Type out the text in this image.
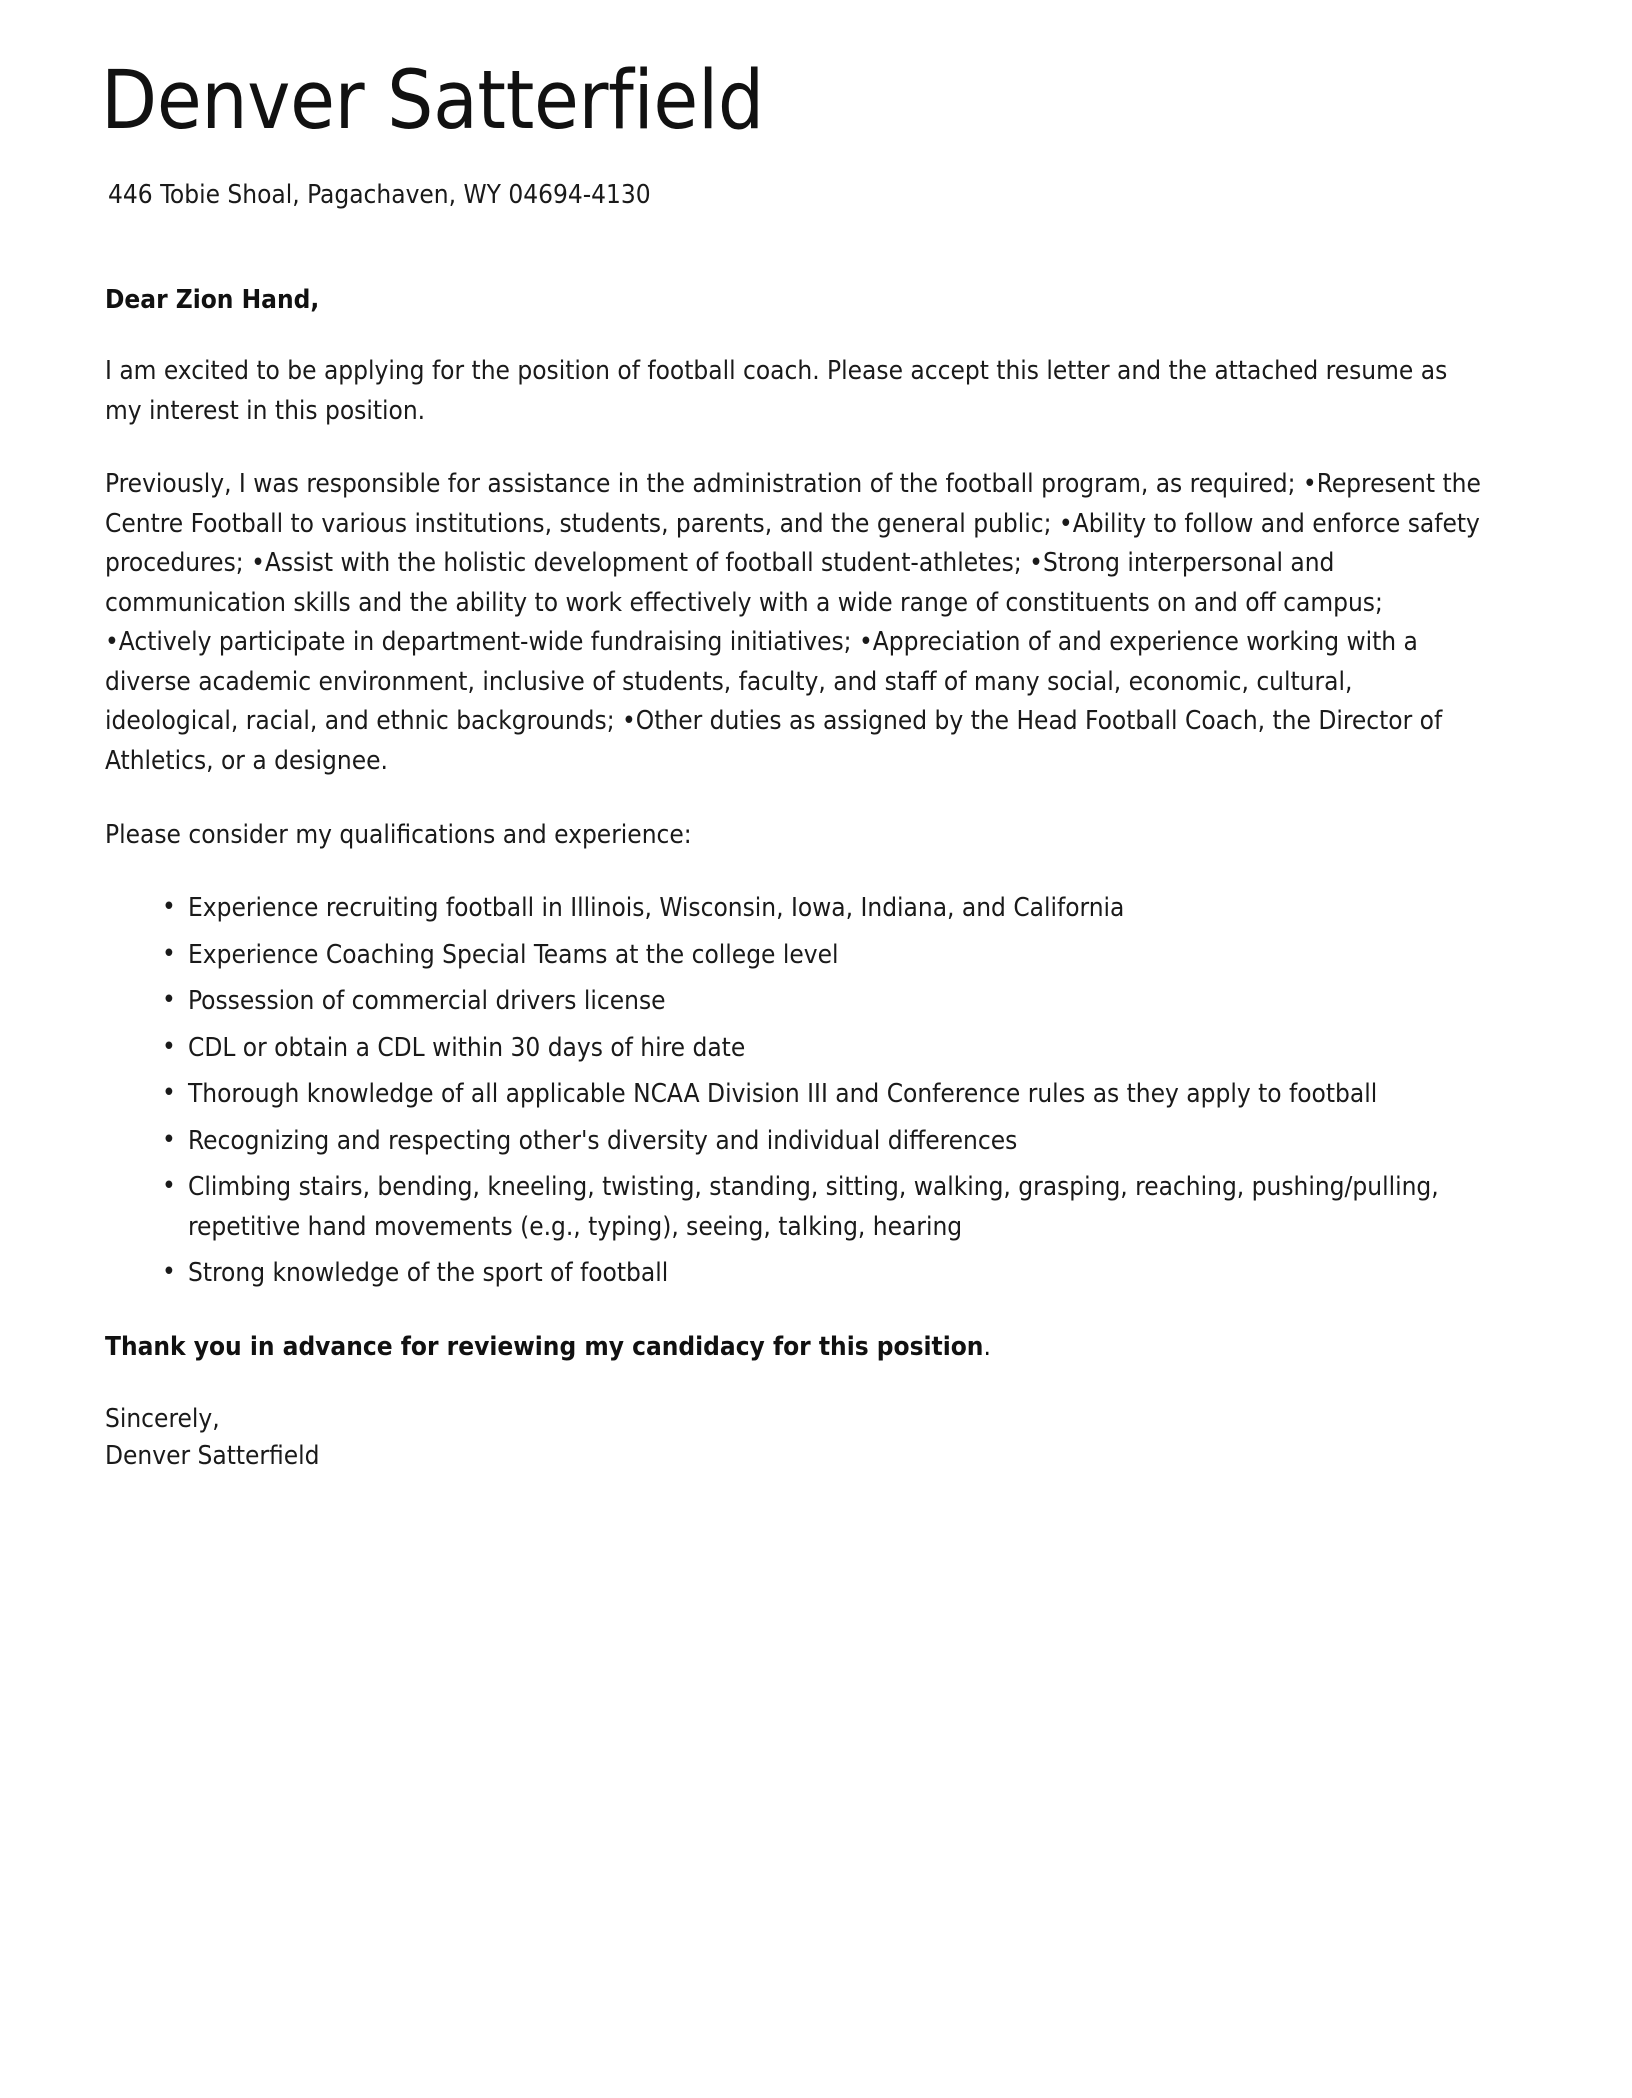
Denver Satterfield
446 Tobie Shoal, Pagachaven, WY 04694-4130
Dear Zion Hand,

I am excited to be applying for the position of football coach. Please accept this letter and the attached resume as my interest in this position.

Previously, I was responsible for assistance in the administration of the football program, as required; •Represent the Centre Football to various institutions, students, parents, and the general public; •Ability to follow and enforce safety procedures; •Assist with the holistic development of football student-athletes; •Strong interpersonal and communication skills and the ability to work effectively with a wide range of constituents on and off campus; •Actively participate in department-wide fundraising initiatives; •Appreciation of and experience working with a diverse academic environment, inclusive of students, faculty, and staff of many social, economic, cultural, ideological, racial, and ethnic backgrounds; •Other duties as assigned by the Head Football Coach, the Director of Athletics, or a designee.

Please consider my qualifications and experience:

• Experience recruiting football in Illinois, Wisconsin, Iowa, Indiana, and California
• Experience Coaching Special Teams at the college level
• Possession of commercial drivers license
• CDL or obtain a CDL within 30 days of hire date
• Thorough knowledge of all applicable NCAA Division III and Conference rules as they apply to football
• Recognizing and respecting other's diversity and individual differences
• Climbing stairs, bending, kneeling, twisting, standing, sitting, walking, grasping, reaching, pushing/pulling, repetitive hand movements (e.g., typing), seeing, talking, hearing
• Strong knowledge of the sport of football
Thank you in advance for reviewing my candidacy for this position.
Sincerely,
Denver Satterfield
